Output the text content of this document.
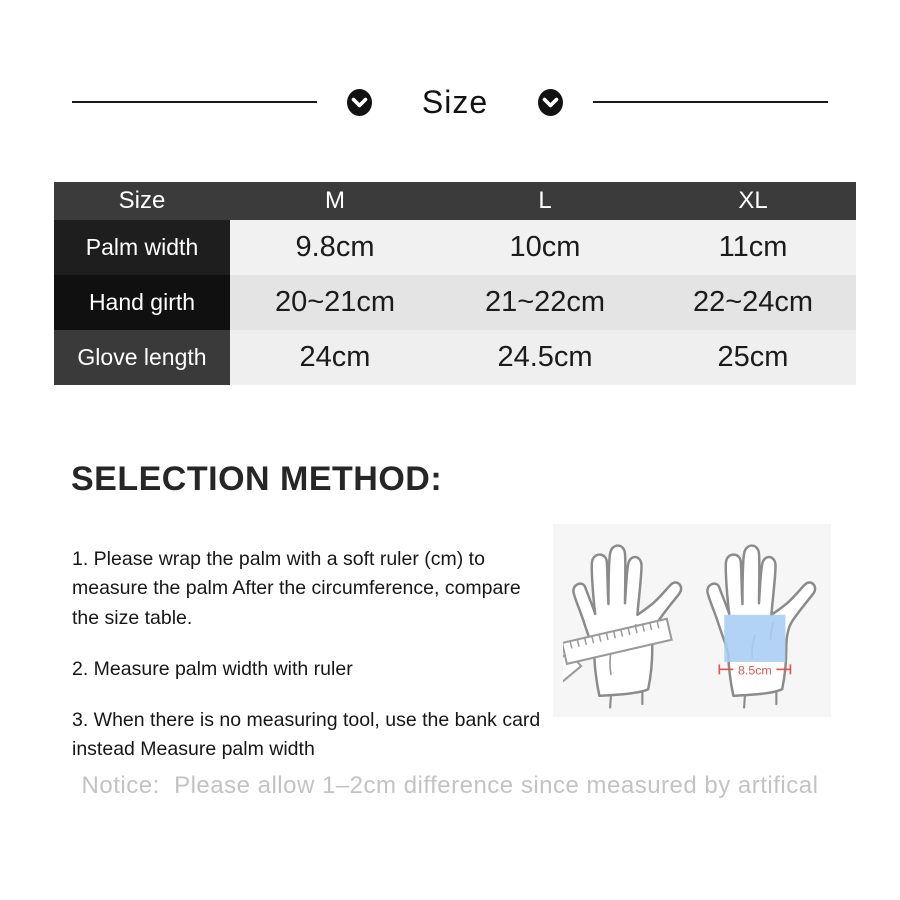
Size
Size	M	L	XL
Palm width	9.8cm	10cm	11cm
Hand girth	20~21cm	21~22cm	22~24cm
Glove length	24cm	24.5cm	25cm
SELECTION METHOD:

1. Please wrap the palm with a soft ruler (cm) to measure the palm After the circumference, compare the size table.

2. Measure palm width with ruler

3. When there is no measuring tool, use the bank card instead Measure palm width

8.5cm
Notice:  Please allow 1–2cm difference since measured by artifical
